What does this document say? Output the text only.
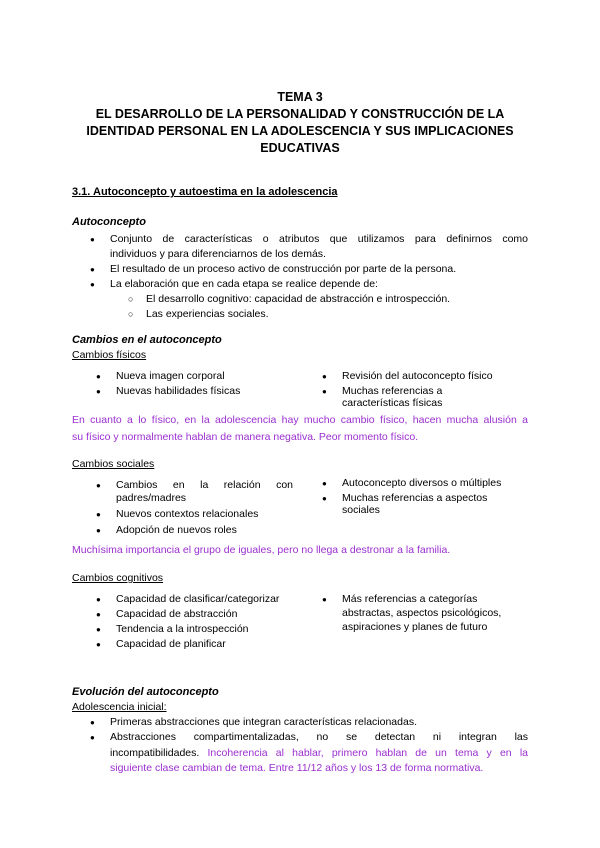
TEMA 3
EL DESARROLLO DE LA PERSONALIDAD Y CONSTRUCCIÓN DE LA
IDENTIDAD PERSONAL EN LA ADOLESCENCIA Y SUS IMPLICACIONES
EDUCATIVAS
3.1. Autoconcepto y autoestima en la adolescencia
Autoconcepto
●	Conjunto de características o atributos que utilizamos para definirnos como
individuos y para diferenciarnos de los demás.
●	El resultado de un proceso activo de construcción por parte de la persona.
●	La elaboración que en cada etapa se realice depende de:
○	El desarrollo cognitivo: capacidad de abstracción e introspección.
○	Las experiencias sociales.
Cambios en el autoconcepto
Cambios físicos
●	Nueva imagen corporal
●	Nuevas habilidades físicas
●	Revisión del autoconcepto físico
●	Muchas referencias a
características físicas
En cuanto a lo físico, en la adolescencia hay mucho cambio físico, hacen mucha alusión a
su físico y normalmente hablan de manera negativa. Peor momento físico.
Cambios sociales
●	Cambios en la relación con
padres/madres
●	Nuevos contextos relacionales
●	Adopción de nuevos roles
●	Autoconcepto diversos o múltiples
●	Muchas referencias a aspectos
sociales
Muchísima importancia el grupo de iguales, pero no llega a destronar a la familia.
Cambios cognitivos
●	Capacidad de clasificar/categorizar
●	Capacidad de abstracción
●	Tendencia a la introspección
●	Capacidad de planificar
●	Más referencias a categorías
abstractas, aspectos psicológicos,
aspiraciones y planes de futuro
Evolución del autoconcepto
Adolescencia inicial:
●	Primeras abstracciones que integran características relacionadas.
●	Abstracciones compartimentalizadas, no se detectan ni integran las
incompatibilidades. Incoherencia al hablar, primero hablan de un tema y en la
siguiente clase cambian de tema. Entre 11/12 años y los 13 de forma normativa.
